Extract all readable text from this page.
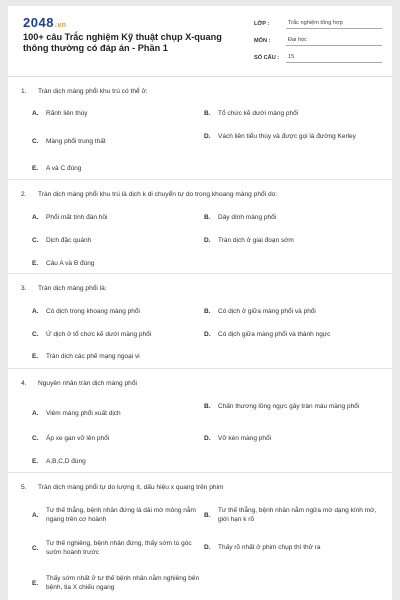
2048.vn
100+ câu Trắc nghiệm Kỹ thuật chụp X-quang thông thường có đáp án - Phần 1
LỚP :	Trắc nghiệm tổng hợp
MÔN :	Đại học
SỐ CÂU :	15
1. Tràn dịch màng phổi khu trú có thể ở:
A.	Rãnh liên thùy	B.	Tổ chức kẽ dưới màng phổi
C.	Màng phổi trung thất
D.	Vách liên tiểu thùy và được gọi là đường Kerley
E.	A và C đúng
2. Tràn dịch màng phổi khu trú là dịch k di chuyển tự do trong khoang màng phổi do:
A.	Phổi mất tính đàn hồi	B.	Dày dính màng phổi
C.	Dịch đặc quánh	D.	Tràn dịch ở giai đoạn sớm
E.	Câu A và B đúng
3. Tràn dịch màng phổi là:
A.	Có dịch trong khoang màng phổi	B.	Có dịch ở giữa màng phổi và phổi
C.	Ứ dịch ở tổ chức kẽ dưới màng phổi	D.	Có dịch giữa màng phổi và thành ngực
E.	Tràn dịch các phế mạng ngoại vi
4. Nguyên nhân tràn dịch màng phổi
A.	Viêm màng phổi xuất dịch
B.	Chấn thương lồng ngực gây tràn máu màng phổi
C.	Áp xe gan vỡ lên phổi	D.	Vỡ kén màng phổi
E.	A,B,C,D đúng
5. Tràn dịch màng phổi tự do lượng ít, dấu hiệu x quang trên phim
A.
Tư thế thẳng, bệnh nhân đứng là dải mờ mỏng nằm ngang trên cơ hoành
B.
Tư thế thẳng, bệnh nhân nằm ngửa mờ dạng kính mờ, giới hạn k rõ
C.
Tư thế nghiêng, bệnh nhân đứng, thấy sớm tù góc sườn hoành trước
D.	Thấy rõ nhất ở phim chụp thì thở ra
E.
Thấy sớm nhất ở tư thế bệnh nhân nằm nghiêng bên bệnh, tia X chiếu ngang
